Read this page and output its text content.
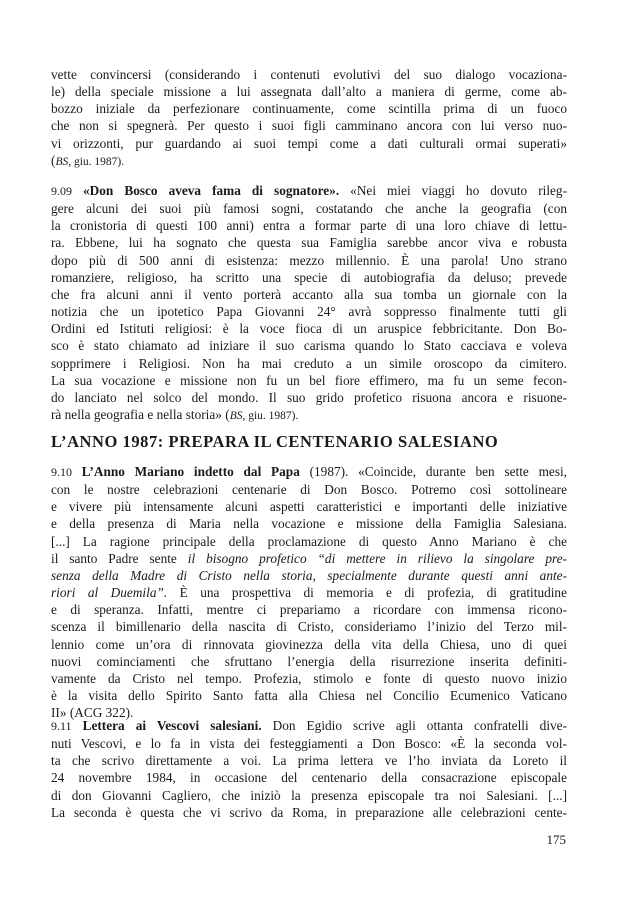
vette convincersi (considerando i contenuti evolutivi del suo dialogo vocaziona-
le) della speciale missione a lui assegnata dall’alto a maniera di germe, come ab-
bozzo iniziale da perfezionare continuamente, come scintilla prima di un fuoco
che non si spegnerà. Per questo i suoi figli camminano ancora con lui verso nuo-
vi orizzonti, pur guardando ai suoi tempi come a dati culturali ormai superati»
(BS, giu. 1987).
9.09 «Don Bosco aveva fama di sognatore». «Nei miei viaggi ho dovuto rileg-
gere alcuni dei suoi più famosi sogni, costatando che anche la geografia (con
la cronistoria di questi 100 anni) entra a formar parte di una loro chiave di lettu-
ra. Ebbene, lui ha sognato che questa sua Famiglia sarebbe ancor viva e robusta
dopo più di 500 anni di esistenza: mezzo millennio. È una parola! Uno strano
romanziere, religioso, ha scritto una specie di autobiografia da deluso; prevede
che fra alcuni anni il vento porterà accanto alla sua tomba un giornale con la
notizia che un ipotetico Papa Giovanni 24° avrà soppresso finalmente tutti gli
Ordini ed Istituti religiosi: è la voce fioca di un aruspice febbricitante. Don Bo-
sco è stato chiamato ad iniziare il suo carisma quando lo Stato cacciava e voleva
sopprimere i Religiosi. Non ha mai creduto a un simile oroscopo da cimitero.
La sua vocazione e missione non fu un bel fiore effimero, ma fu un seme fecon-
do lanciato nel solco del mondo. Il suo grido profetico risuona ancora e risuone-
rà nella geografia e nella storia» (BS, giu. 1987).
L’ANNO 1987: PREPARA IL CENTENARIO SALESIANO
9.10 L’Anno Mariano indetto dal Papa (1987). «Coincide, durante ben sette mesi,
con le nostre celebrazioni centenarie di Don Bosco. Potremo così sottolineare
e vivere più intensamente alcuni aspetti caratteristici e importanti delle iniziative
e della presenza di Maria nella vocazione e missione della Famiglia Salesiana.
[...] La ragione principale della proclamazione di questo Anno Mariano è che
il santo Padre sente il bisogno profetico “di mettere in rilievo la singolare pre-
senza della Madre di Cristo nella storia, specialmente durante questi anni ante-
riori al Duemila”. È una prospettiva di memoria e di profezia, di gratitudine
e di speranza. Infatti, mentre ci prepariamo a ricordare con immensa ricono-
scenza il bimillenario della nascita di Cristo, consideriamo l’inizio del Terzo mil-
lennio come un’ora di rinnovata giovinezza della vita della Chiesa, uno di quei
nuovi cominciamenti che sfruttano l’energia della risurrezione inserita definiti-
vamente da Cristo nel tempo. Profezia, stimolo e fonte di questo nuovo inizio
è la visita dello Spirito Santo fatta alla Chiesa nel Concilio Ecumenico Vaticano
II» (ACG 322).
9.11 Lettera ai Vescovi salesiani. Don Egidio scrive agli ottanta confratelli dive-
nuti Vescovi, e lo fa in vista dei festeggiamenti a Don Bosco: «È la seconda vol-
ta che scrivo direttamente a voi. La prima lettera ve l’ho inviata da Loreto il
24 novembre 1984, in occasione del centenario della consacrazione episcopale
di don Giovanni Cagliero, che iniziò la presenza episcopale tra noi Salesiani. [...]
La seconda è questa che vi scrivo da Roma, in preparazione alle celebrazioni cente-
175
